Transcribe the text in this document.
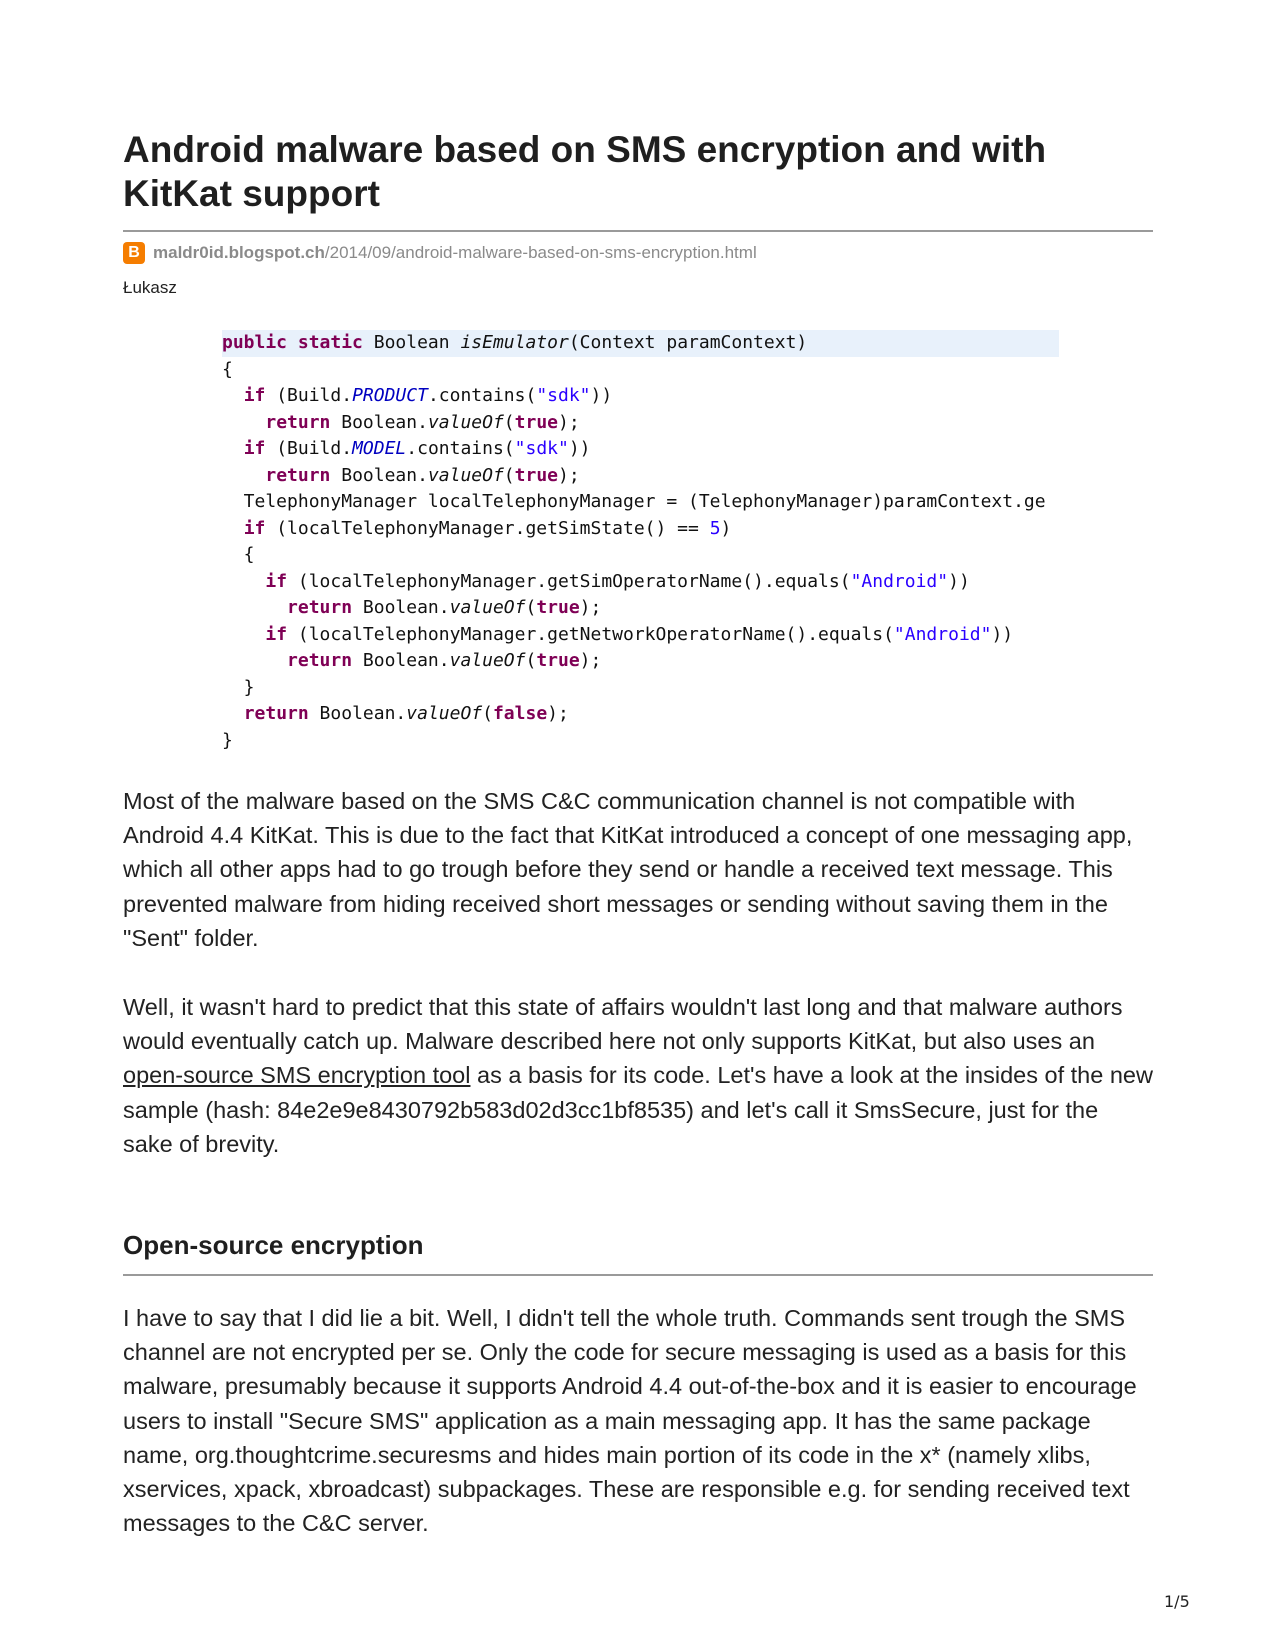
Android malware based on SMS encryption and with KitKat support
B maldr0id.blogspot.ch/2014/09/android-malware-based-on-sms-encryption.html
Łukasz
public static Boolean isEmulator(Context paramContext)
{
if (Build.PRODUCT.contains("sdk"))
return Boolean.valueOf(true);
if (Build.MODEL.contains("sdk"))
return Boolean.valueOf(true);
TelephonyManager localTelephonyManager = (TelephonyManager)paramContext.ge
if (localTelephonyManager.getSimState() == 5)
{
if (localTelephonyManager.getSimOperatorName().equals("Android"))
return Boolean.valueOf(true);
if (localTelephonyManager.getNetworkOperatorName().equals("Android"))
return Boolean.valueOf(true);
}
return Boolean.valueOf(false);
}

Most of the malware based on the SMS C&C communication channel is not compatible with Android 4.4 KitKat. This is due to the fact that KitKat introduced a concept of one messaging app, which all other apps had to go trough before they send or handle a received text message. This prevented malware from hiding received short messages or sending without saving them in the "Sent" folder.

Well, it wasn't hard to predict that this state of affairs wouldn't last long and that malware authors would eventually catch up. Malware described here not only supports KitKat, but also uses an open-source SMS encryption tool as a basis for its code. Let's have a look at the insides of the new sample (hash: 84e2e9e8430792b583d02d3cc1bf8535) and let's call it SmsSecure, just for the sake of brevity.

Open-source encryption

I have to say that I did lie a bit. Well, I didn't tell the whole truth. Commands sent trough the SMS channel are not encrypted per se. Only the code for secure messaging is used as a basis for this malware, presumably because it supports Android 4.4 out-of-the-box and it is easier to encourage users to install "Secure SMS" application as a main messaging app. It has the same package name, org.thoughtcrime.securesms and hides main portion of its code in the x* (namely xlibs, xservices, xpack, xbroadcast) subpackages. These are responsible e.g. for sending received text messages to the C&C server.

1/5
